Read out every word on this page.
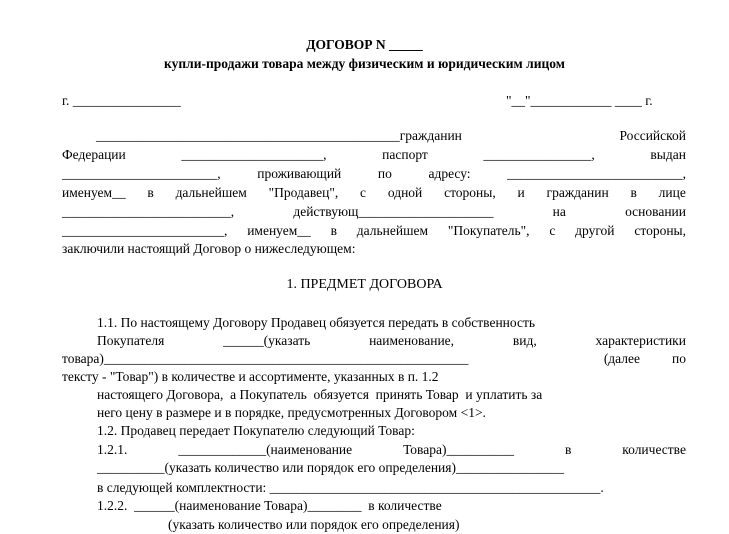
ДОГОВОР N _____
купли-продажи товара между физическим и юридическим лицом
г. ________________	"__"____________ ____ г.
_____________________________________________гражданин	Российской
Федерации	_____________________,	паспорт	________________,	выдан
_______________________,	проживающий	по	адресу:	__________________________,
именуем__ в дальнейшем "Продавец", с одной стороны, и гражданин в лице
_________________________,	действующ____________________	на	основании
________________________, именуем__ в дальнейшем "Покупатель", с другой стороны,
заключили настоящий Договор о нижеследующем:
1. ПРЕДМЕТ ДОГОВОРА
1.1. По настоящему Договору Продавец обязуется передать в собственность
Покупателя	______(указать	наименование,	вид,	характеристики
товара)______________________________________________________	(далее по
тексту - "Товар") в количестве и ассортименте, указанных в п. 1.2
настоящего Договора,  а Покупатель  обязуется  принять Товар  и уплатить за
него цену в размере и в порядке, предусмотренных Договором <1>.
1.2. Продавец передает Покупателю следующий Товар:
1.2.1.	_____________(наименование	Товара)__________	в	количестве
__________(указать количество или порядок его определения)________________
в следующей комплектности: _________________________________________________.
1.2.2.  ______(наименование Товара)________  в количестве
(указать количество или порядок его определения)
